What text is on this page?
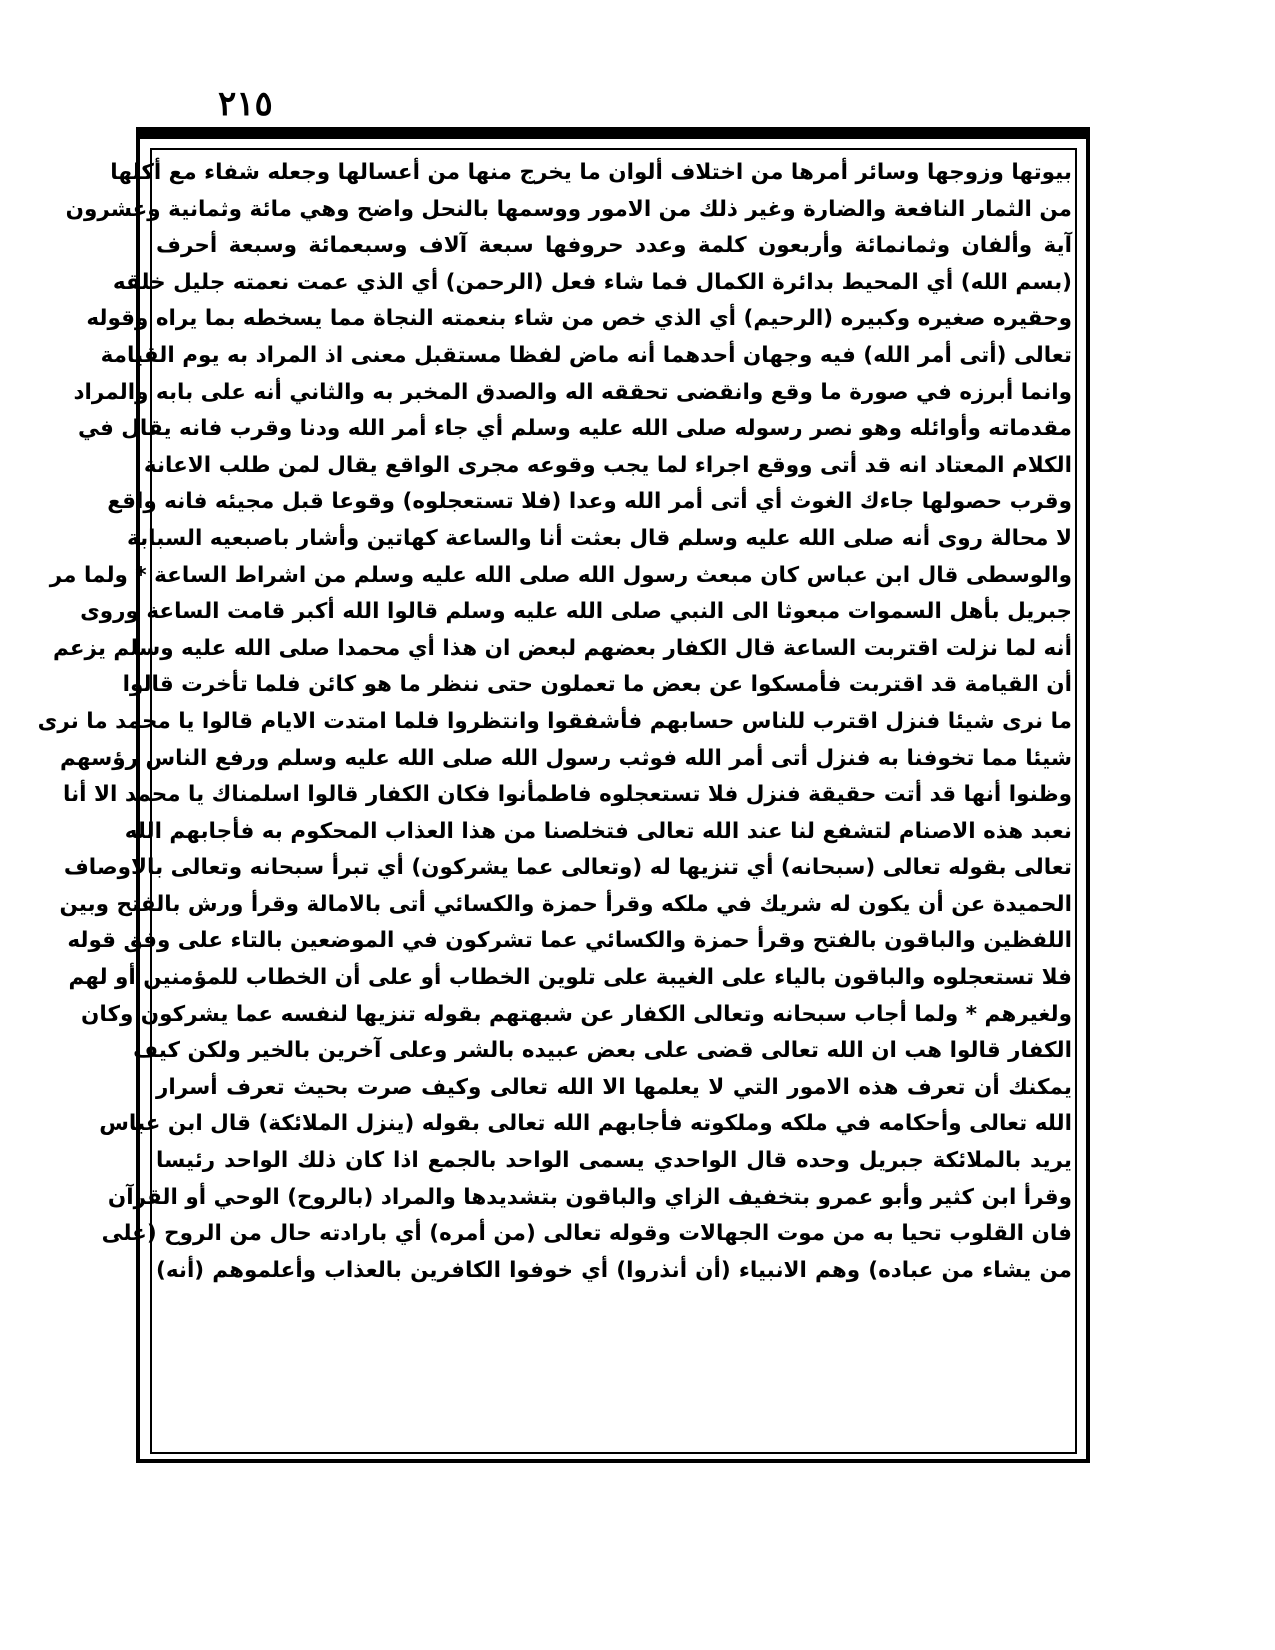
٢١٥
بيوتها وزوجها وسائر أمرها من اختلاف ألوان ما يخرج منها من أعسالها وجعله شفاء مع أكلها
من الثمار النافعة والضارة وغير ذلك من الامور ووسمها بالنحل واضح وهي مائة وثمانية وعشرون
آية وألفان وثمانمائة وأربعون كلمة وعدد حروفها سبعة آلاف وسبعمائة وسبعة أحرف
(بسم الله) أي المحيط بدائرة الكمال فما شاء فعل (الرحمن) أي الذي عمت نعمته جليل خلقه
وحقيره صغيره وكبيره (الرحيم) أي الذي خص من شاء بنعمته النجاة مما يسخطه بما يراه وقوله
تعالى (أتى أمر الله) فيه وجهان أحدهما أنه ماض لفظا مستقبل معنى اذ المراد به يوم القيامة
وانما أبرزه في صورة ما وقع وانقضى تحققه اله والصدق المخبر به والثاني أنه على بابه والمراد
مقدماته وأوائله وهو نصر رسوله صلى الله عليه وسلم أي جاء أمر الله ودنا وقرب فانه يقال في
الكلام المعتاد انه قد أتى ووقع اجراء لما يجب وقوعه مجرى الواقع يقال لمن طلب الاعانة
وقرب حصولها جاءك الغوث أي أتى أمر الله وعدا (فلا تستعجلوه) وقوعا قبل مجيئه فانه واقع
لا محالة روى أنه صلى الله عليه وسلم قال بعثت أنا والساعة كهاتين وأشار باصبعيه السبابة
والوسطى قال ابن عباس كان مبعث رسول الله صلى الله عليه وسلم من اشراط الساعة * ولما مر
جبريل بأهل السموات مبعوثا الى النبي صلى الله عليه وسلم قالوا الله أكبر قامت الساعة وروى
أنه لما نزلت اقتربت الساعة قال الكفار بعضهم لبعض ان هذا أي محمدا صلى الله عليه وسلم يزعم
أن القيامة قد اقتربت فأمسكوا عن بعض ما تعملون حتى ننظر ما هو كائن فلما تأخرت قالوا
ما نرى شيئا فنزل اقترب للناس حسابهم فأشفقوا وانتظروا فلما امتدت الايام قالوا يا محمد ما نرى
شيئا مما تخوفنا به فنزل أتى أمر الله فوثب رسول الله صلى الله عليه وسلم ورفع الناس رؤسهم
وظنوا أنها قد أتت حقيقة فنزل فلا تستعجلوه فاطمأنوا فكان الكفار قالوا اسلمناك يا محمد الا أنا
نعبد هذه الاصنام لتشفع لنا عند الله تعالى فتخلصنا من هذا العذاب المحكوم به فأجابهم الله
تعالى بقوله تعالى (سبحانه) أي تنزيها له (وتعالى عما يشركون) أي تبرأ سبحانه وتعالى بالاوصاف
الحميدة عن أن يكون له شريك في ملكه وقرأ حمزة والكسائي أتى بالامالة وقرأ ورش بالفتح وبين
اللفظين والباقون بالفتح وقرأ حمزة والكسائي عما تشركون في الموضعين بالتاء على وفق قوله
فلا تستعجلوه والباقون بالياء على الغيبة على تلوين الخطاب أو على أن الخطاب للمؤمنين أو لهم
ولغيرهم * ولما أجاب سبحانه وتعالى الكفار عن شبهتهم بقوله تنزيها لنفسه عما يشركون وكان
الكفار قالوا هب ان الله تعالى قضى على بعض عبيده بالشر وعلى آخرين بالخير ولكن كيف
يمكنك أن تعرف هذه الامور التي لا يعلمها الا الله تعالى وكيف صرت بحيث تعرف أسرار
الله تعالى وأحكامه في ملكه وملكوته فأجابهم الله تعالى بقوله (ينزل الملائكة) قال ابن عباس
يريد بالملائكة جبريل وحده قال الواحدي يسمى الواحد بالجمع اذا كان ذلك الواحد رئيسا
وقرأ ابن كثير وأبو عمرو بتخفيف الزاي والباقون بتشديدها والمراد (بالروح) الوحي أو القرآن
فان القلوب تحيا به من موت الجهالات وقوله تعالى (من أمره) أي بارادته حال من الروح (على
من يشاء من عباده) وهم الانبياء (أن أنذروا) أي خوفوا الكافرين بالعذاب وأعلموهم (أنه)
